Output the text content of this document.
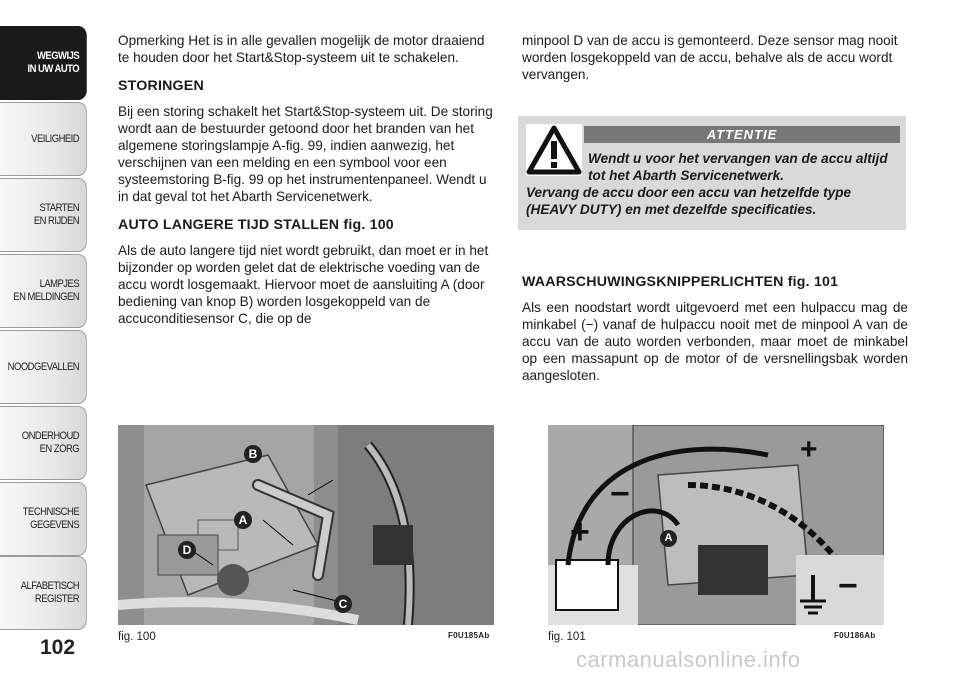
WEGWIJS
IN UW AUTO
VEILIGHEID
STARTEN
EN RIJDEN
LAMPJES
EN MELDINGEN
NOODGEVALLEN
ONDERHOUD
EN ZORG
TECHNISCHE
GEGEVENS
ALFABETISCH
REGISTER
102

Opmerking Het is in alle gevallen mogelijk de motor draaiend te houden door het Start&Stop-systeem uit te schakelen.

STORINGEN

Bij een storing schakelt het Start&Stop-systeem uit. De storing wordt aan de bestuurder getoond door het branden van het algemene storingslampje A-fig. 99, indien aanwezig, het verschijnen van een melding en een symbool voor een systeemstoring B-fig. 99 op het instrumentenpaneel. Wendt u in dat geval tot het Abarth Servicenetwerk.

AUTO LANGERE TIJD STALLEN fig. 100

Als de auto langere tijd niet wordt gebruikt, dan moet er in het bijzonder op worden gelet dat de elektrische voeding van de accu wordt losgemaakt. Hiervoor moet de aansluiting A (door bediening van knop B) worden losgekoppeld van de accuconditiesensor C, die op de

minpool D van de accu is gemonteerd. Deze sensor mag nooit worden losgekoppeld van de accu, behalve als de accu wordt vervangen.

ATTENTIE
Wendt u voor het vervangen van de accu altijd tot het Abarth Servicenetwerk.
Vervang de accu door een accu van hetzelfde type (HEAVY DUTY) en met dezelfde specificaties.
WAARSCHUWINGSKNIPPERLICHTEN fig. 101

Als een noodstart wordt uitgevoerd met een hulpaccu mag de minkabel (−) vanaf de hulpaccu nooit met de minpool A van de accu van de auto worden verbonden, maar moet de minkabel op een massapunt op de motor of de versnellingsbak worden aangesloten.

B
A
D
C
fig. 100	F0U185Ab
+
−
+
−
A
fig. 101	F0U186Ab
carmanualsonline.info
